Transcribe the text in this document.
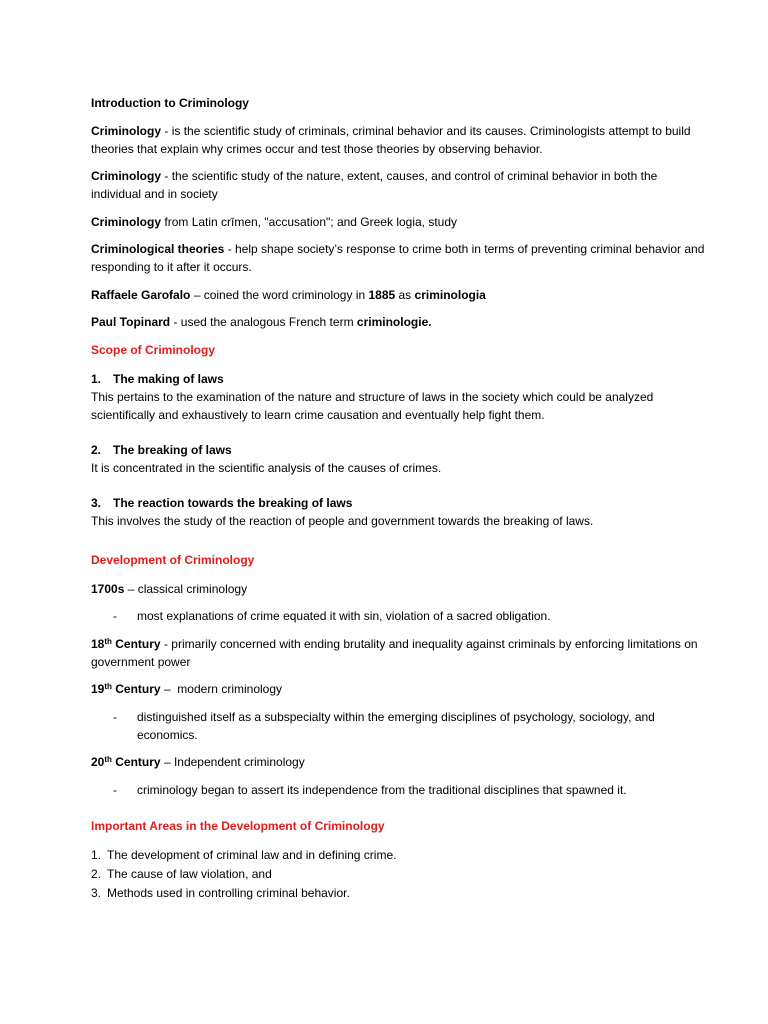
Introduction to Criminology

Criminology - is the scientific study of criminals, criminal behavior and its causes. Criminologists attempt to build theories that explain why crimes occur and test those theories by observing behavior.

Criminology - the scientific study of the nature, extent, causes, and control of criminal behavior in both the individual and in society

Criminology from Latin crīmen, "accusation"; and Greek logia, study

Criminological theories - help shape society’s response to crime both in terms of preventing criminal behavior and responding to it after it occurs.

Raffaele Garofalo – coined the word criminology in 1885 as criminologia

Paul Topinard - used the analogous French term criminologie.

Scope of Criminology

1. The making of laws

This pertains to the examination of the nature and structure of laws in the society which could be analyzed scientifically and exhaustively to learn crime causation and eventually help fight them.

2. The breaking of laws

It is concentrated in the scientific analysis of the causes of crimes.

3. The reaction towards the breaking of laws

This involves the study of the reaction of people and government towards the breaking of laws.

Development of Criminology

1700s – classical criminology

- most explanations of crime equated it with sin, violation of a sacred obligation.

18th Century - primarily concerned with ending brutality and inequality against criminals by enforcing limitations on government power

19th Century –  modern criminology

- distinguished itself as a subspecialty within the emerging disciplines of psychology, sociology, and economics.

20th Century – Independent criminology

- criminology began to assert its independence from the traditional disciplines that spawned it.

Important Areas in the Development of Criminology

1. The development of criminal law and in defining crime.
2. The cause of law violation, and
3. Methods used in controlling criminal behavior.
